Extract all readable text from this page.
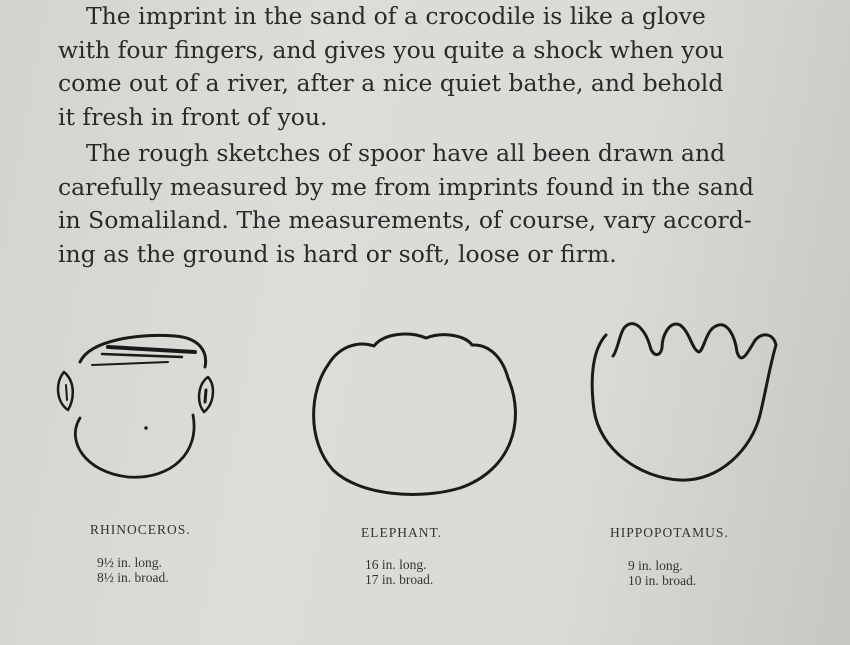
The imprint in the sand of a crocodile is like a glove
with four fingers, and gives you quite a shock when you
come out of a river, after a nice quiet bathe, and behold
it fresh in front of you.
The rough sketches of spoor have all been drawn and
carefully measured by me from imprints found in the sand
in Somaliland. The measurements, of course, vary accord-
ing as the ground is hard or soft, loose or firm.
RHINOCEROS.
9½ in. long.
8½ in. broad.
ELEPHANT.
16 in. long.
17 in. broad.
HIPPOPOTAMUS.
9 in. long.
10 in. broad.
